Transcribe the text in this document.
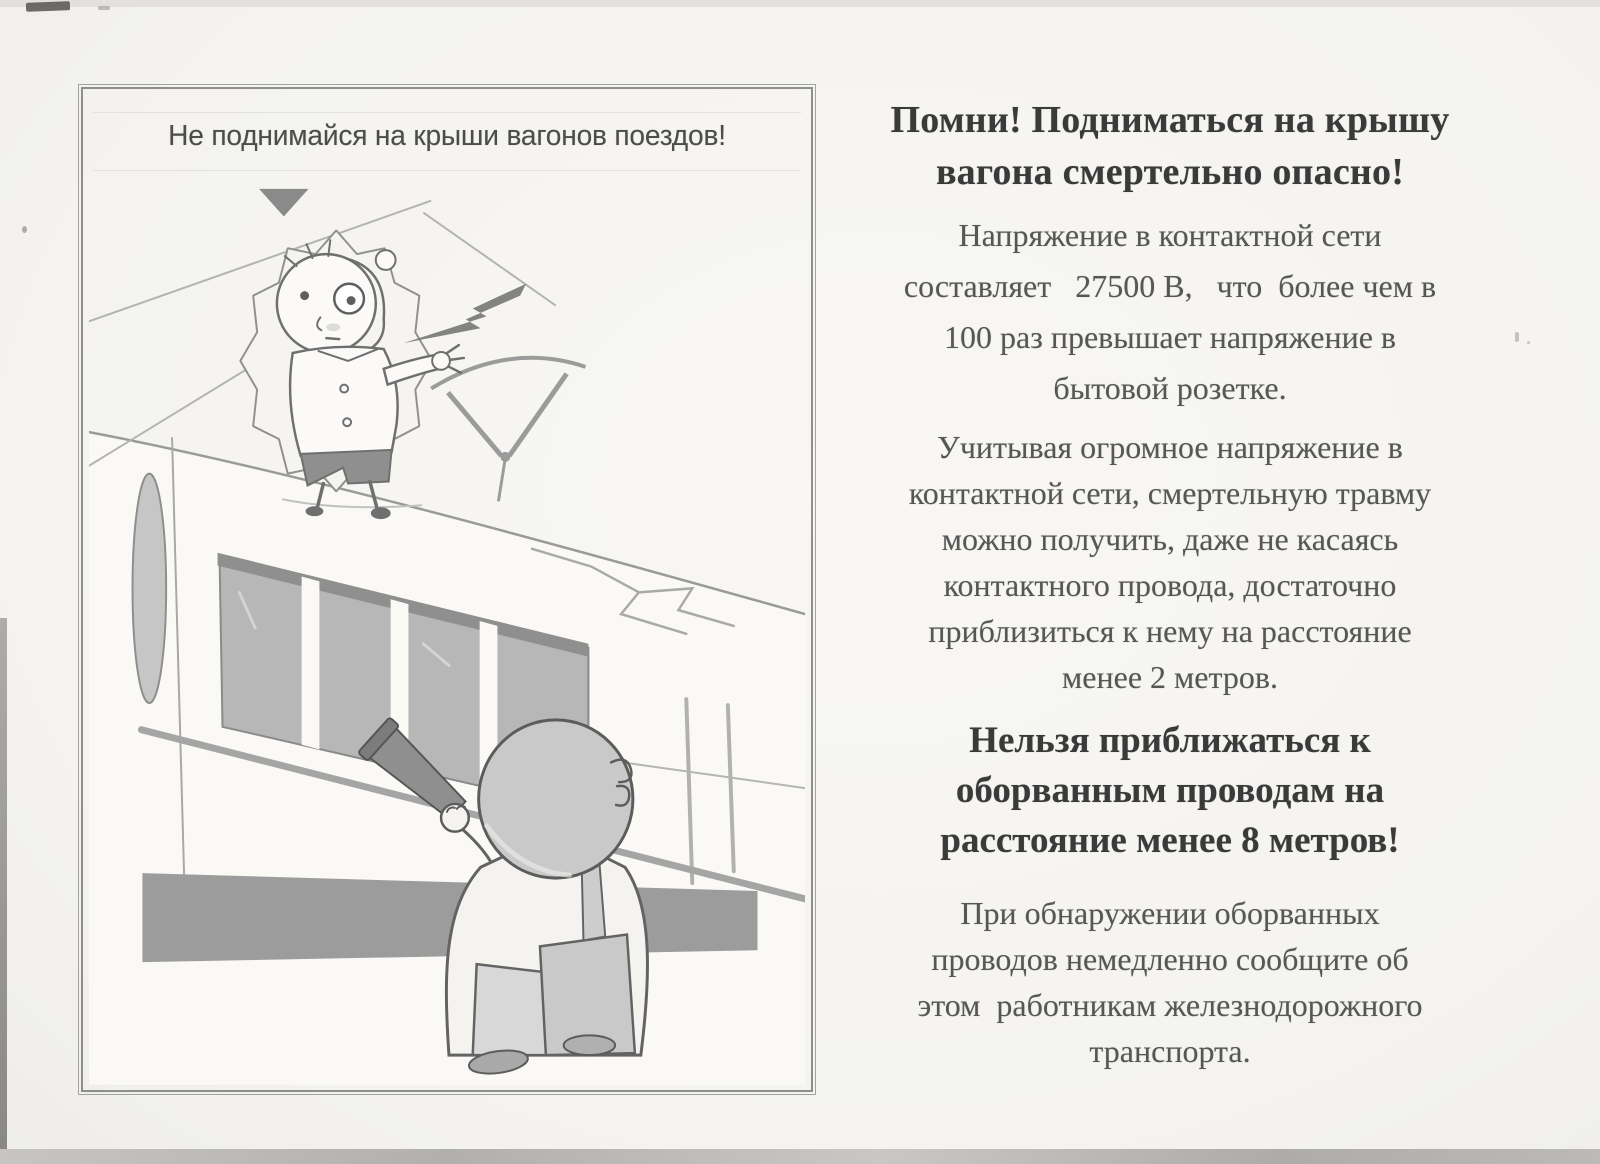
Не поднимайся на крыши вагонов поездов!	Помни! Подниматься на крышу
вагона смертельно опасно!

Напряжение в контактной сети
составляет   27500 В,   что  более чем в
100 раз превышает напряжение в
бытовой розетке.

Учитывая огромное напряжение в
контактной сети, смертельную травму
можно получить, даже не касаясь
контактного провода, достаточно
приблизиться к нему на расстояние
менее 2 метров.

Нельзя приближаться к
оборванным проводам на
расстояние менее 8 метров!

При обнаружении оборванных
проводов немедленно сообщите об
этом  работникам железнодорожного
транспорта.
